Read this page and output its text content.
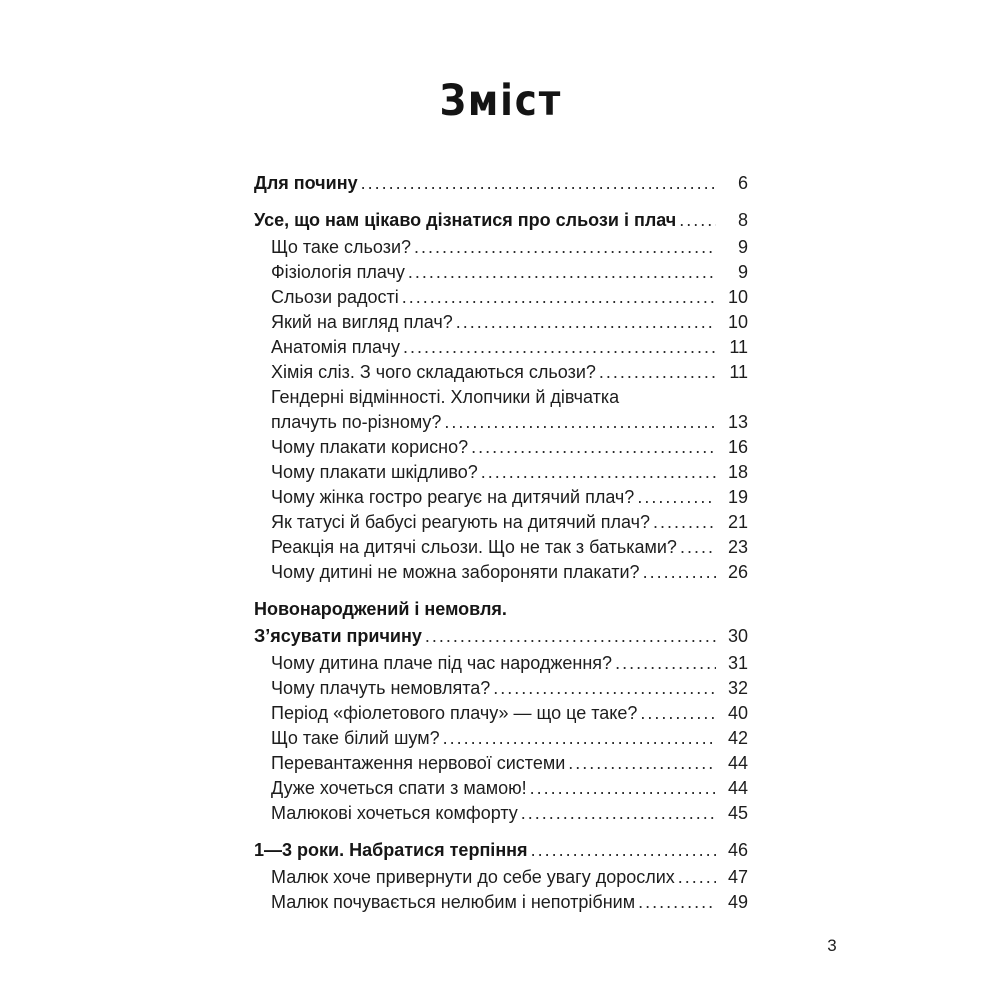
Зміст
Для почину .....	6
Усе, що нам цікаво дізнатися про сльози і плач .....	8
Що таке сльози? .....	9
Фізіологія плачу .....	9
Сльози радості .....	10
Який на вигляд плач? .....	10
Анатомія плачу .....	11
Хімія сліз. З чого складаються сльози? .....	11
Гендерні відмінності. Хлопчики й дівчатка
плачуть по-різному? .....	13
Чому плакати корисно? .....	16
Чому плакати шкідливо? .....	18
Чому жінка гостро реагує на дитячий плач? .....	19
Як татусі й бабусі реагують на дитячий плач? .....	21
Реакція на дитячі сльози. Що не так з батьками? .....	23
Чому дитині не можна забороняти плакати? .....	26
Новонароджений і немовля.
З’ясувати причину .....	30
Чому дитина плаче під час народження? .....	31
Чому плачуть немовлята? .....	32
Період «фіолетового плачу» — що це таке? .....	40
Що таке білий шум? .....	42
Перевантаження нервової системи .....	44
Дуже хочеться спати з мамою! .....	44
Малюкові хочеться комфорту .....	45
1—3 роки. Набратися терпіння .....	46
Малюк хоче привернути до себе увагу дорослих .....	47
Малюк почувається нелюбим і непотрібним .....	49
3
